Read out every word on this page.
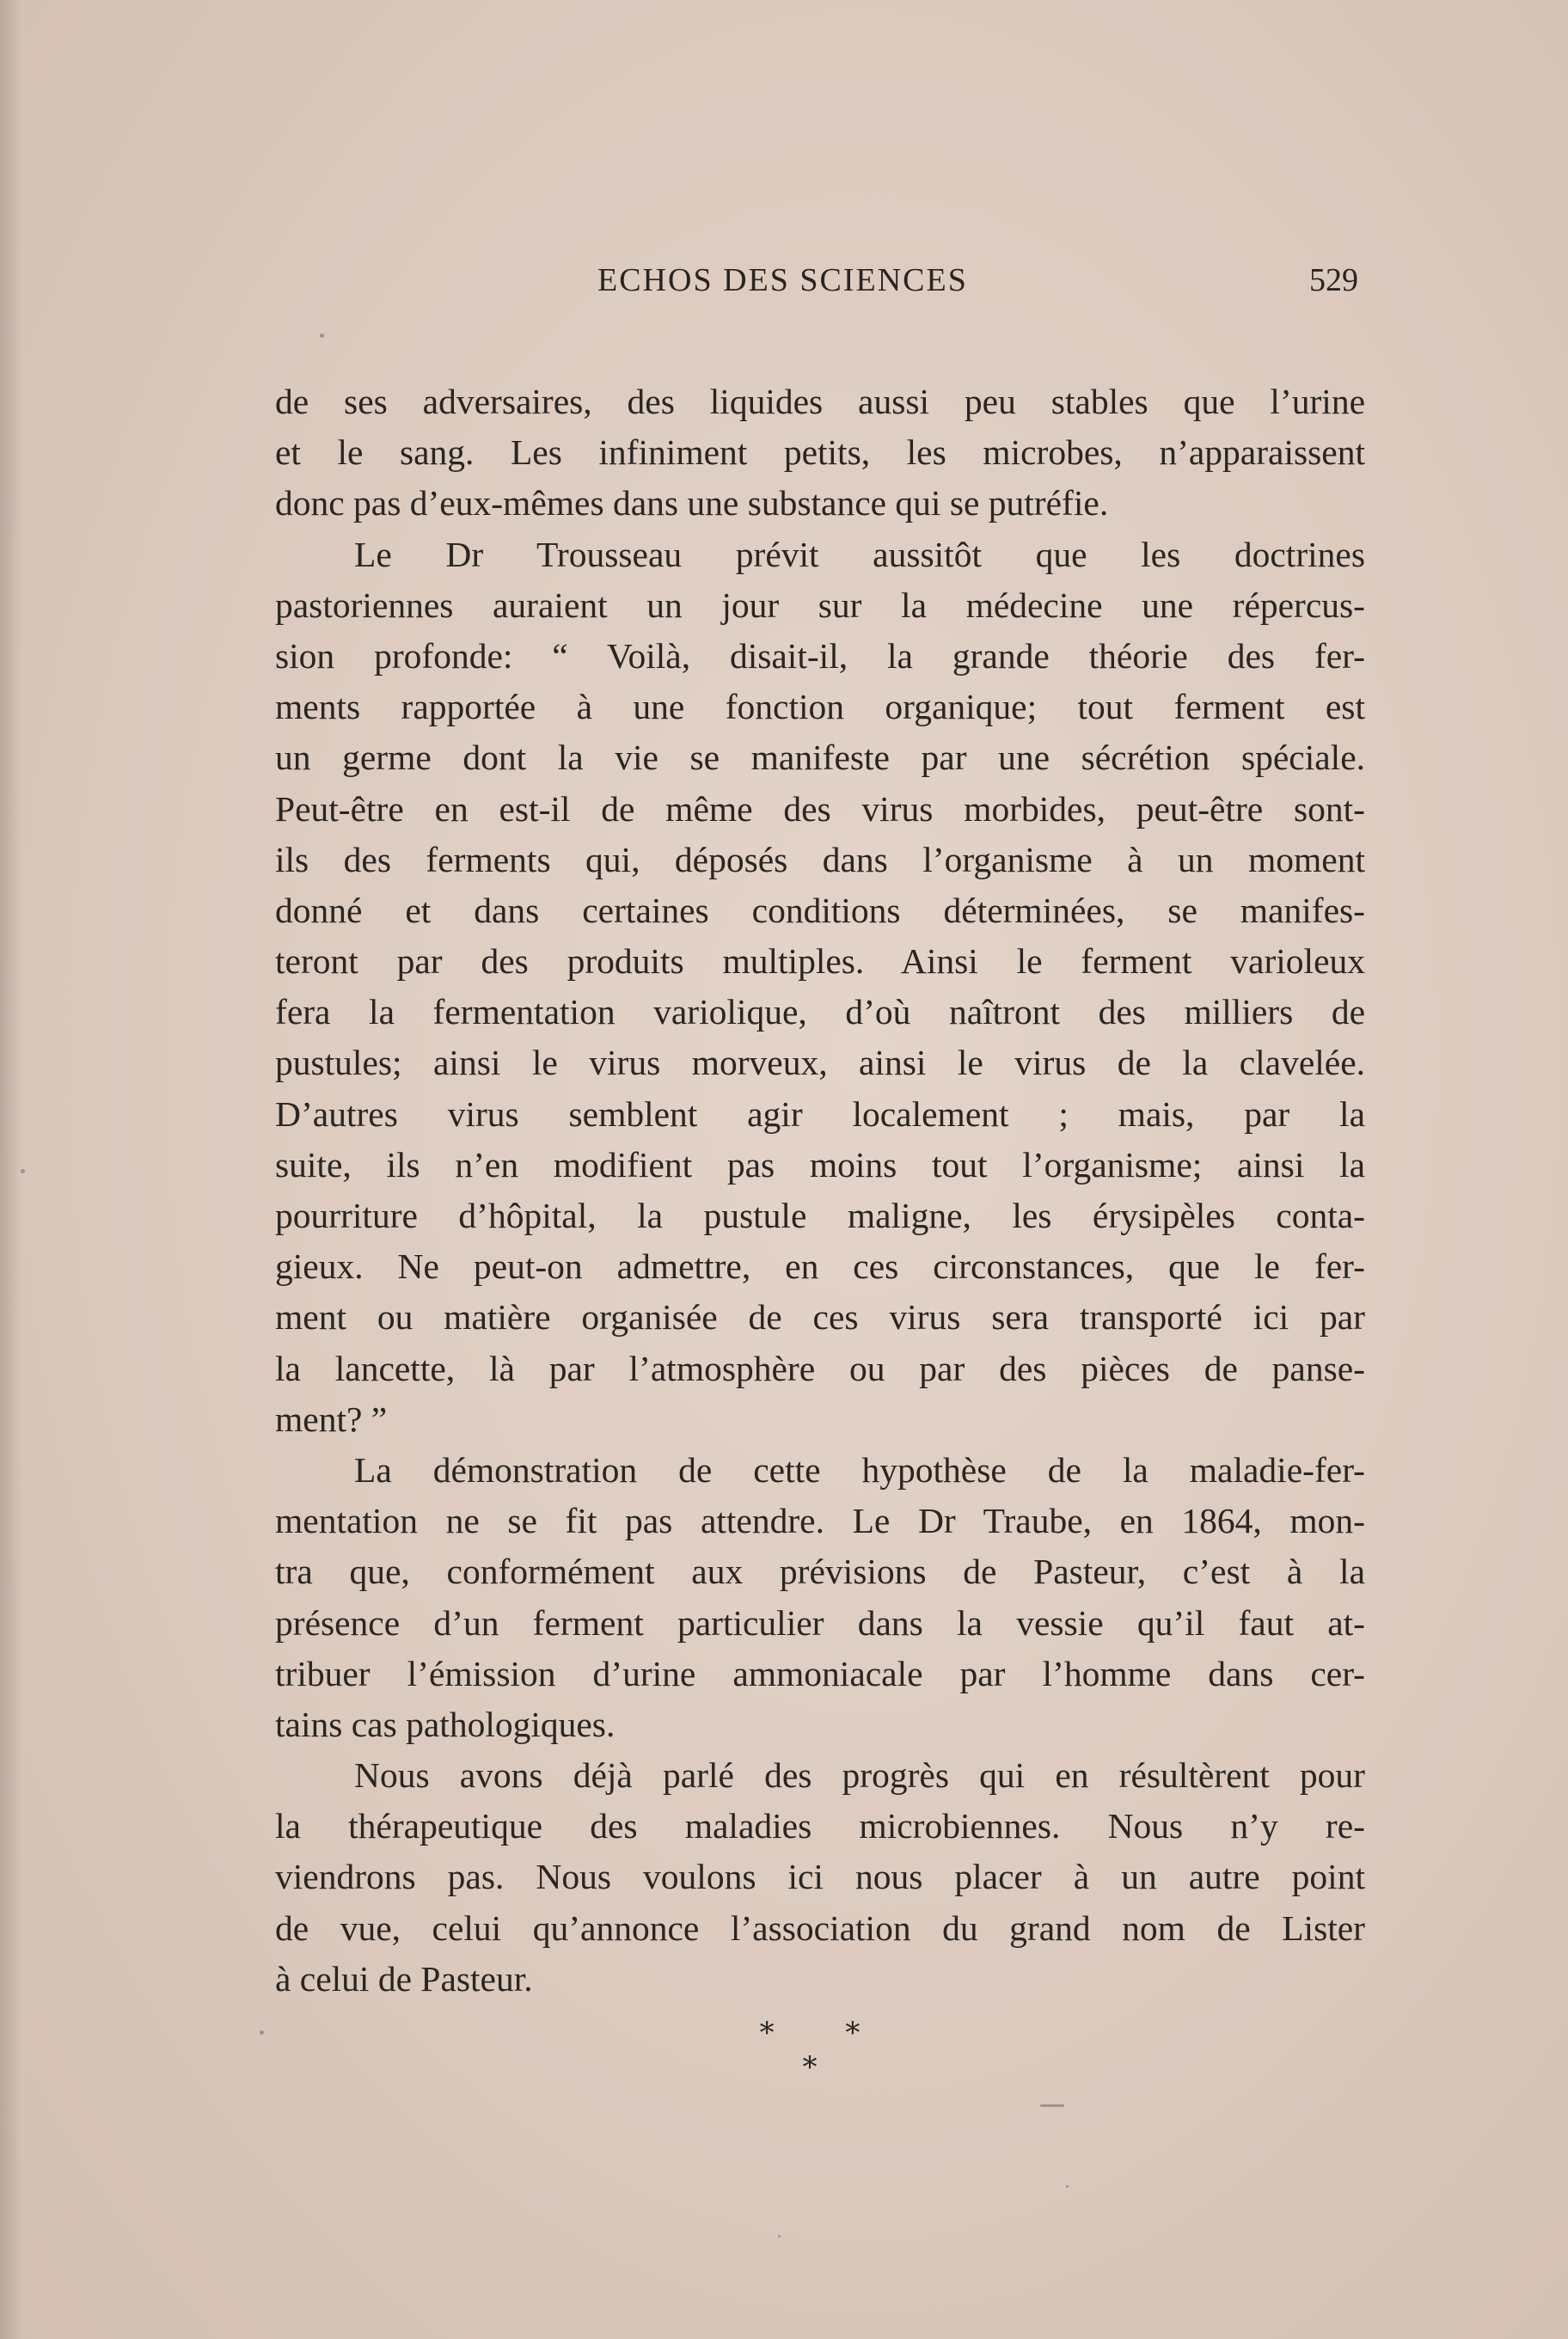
ECHOS DES SCIENCES	529
de ses adversaires, des liquides aussi peu stables que l’urine
et le sang. Les infiniment petits, les microbes, n’apparaissent
donc pas d’eux-mêmes dans une substance qui se putréfie.
Le Dr Trousseau prévit aussitôt que les doctrines
pastoriennes auraient un jour sur la médecine une répercus-
sion profonde: “ Voilà, disait-il, la grande théorie des fer-
ments rapportée à une fonction organique; tout ferment est
un germe dont la vie se manifeste par une sécrétion spéciale.
Peut-être en est-il de même des virus morbides, peut-être sont-
ils des ferments qui, déposés dans l’organisme à un moment
donné et dans certaines conditions déterminées, se manifes-
teront par des produits multiples. Ainsi le ferment varioleux
fera la fermentation variolique, d’où naîtront des milliers de
pustules; ainsi le virus morveux, ainsi le virus de la clavelée.
D’autres virus semblent agir localement ; mais, par la
suite, ils n’en modifient pas moins tout l’organisme; ainsi la
pourriture d’hôpital, la pustule maligne, les érysipèles conta-
gieux. Ne peut-on admettre, en ces circonstances, que le fer-
ment ou matière organisée de ces virus sera transporté ici par
la lancette, là par l’atmosphère ou par des pièces de panse-
ment? ”
La démonstration de cette hypothèse de la maladie-fer-
mentation ne se fit pas attendre. Le Dr Traube, en 1864, mon-
tra que, conformément aux prévisions de Pasteur, c’est à la
présence d’un ferment particulier dans la vessie qu’il faut at-
tribuer l’émission d’urine ammoniacale par l’homme dans cer-
tains cas pathologiques.
Nous avons déjà parlé des progrès qui en résultèrent pour
la thérapeutique des maladies microbiennes. Nous n’y re-
viendrons pas. Nous voulons ici nous placer à un autre point
de vue, celui qu’annonce l’association du grand nom de Lister
à celui de Pasteur.
* * *
